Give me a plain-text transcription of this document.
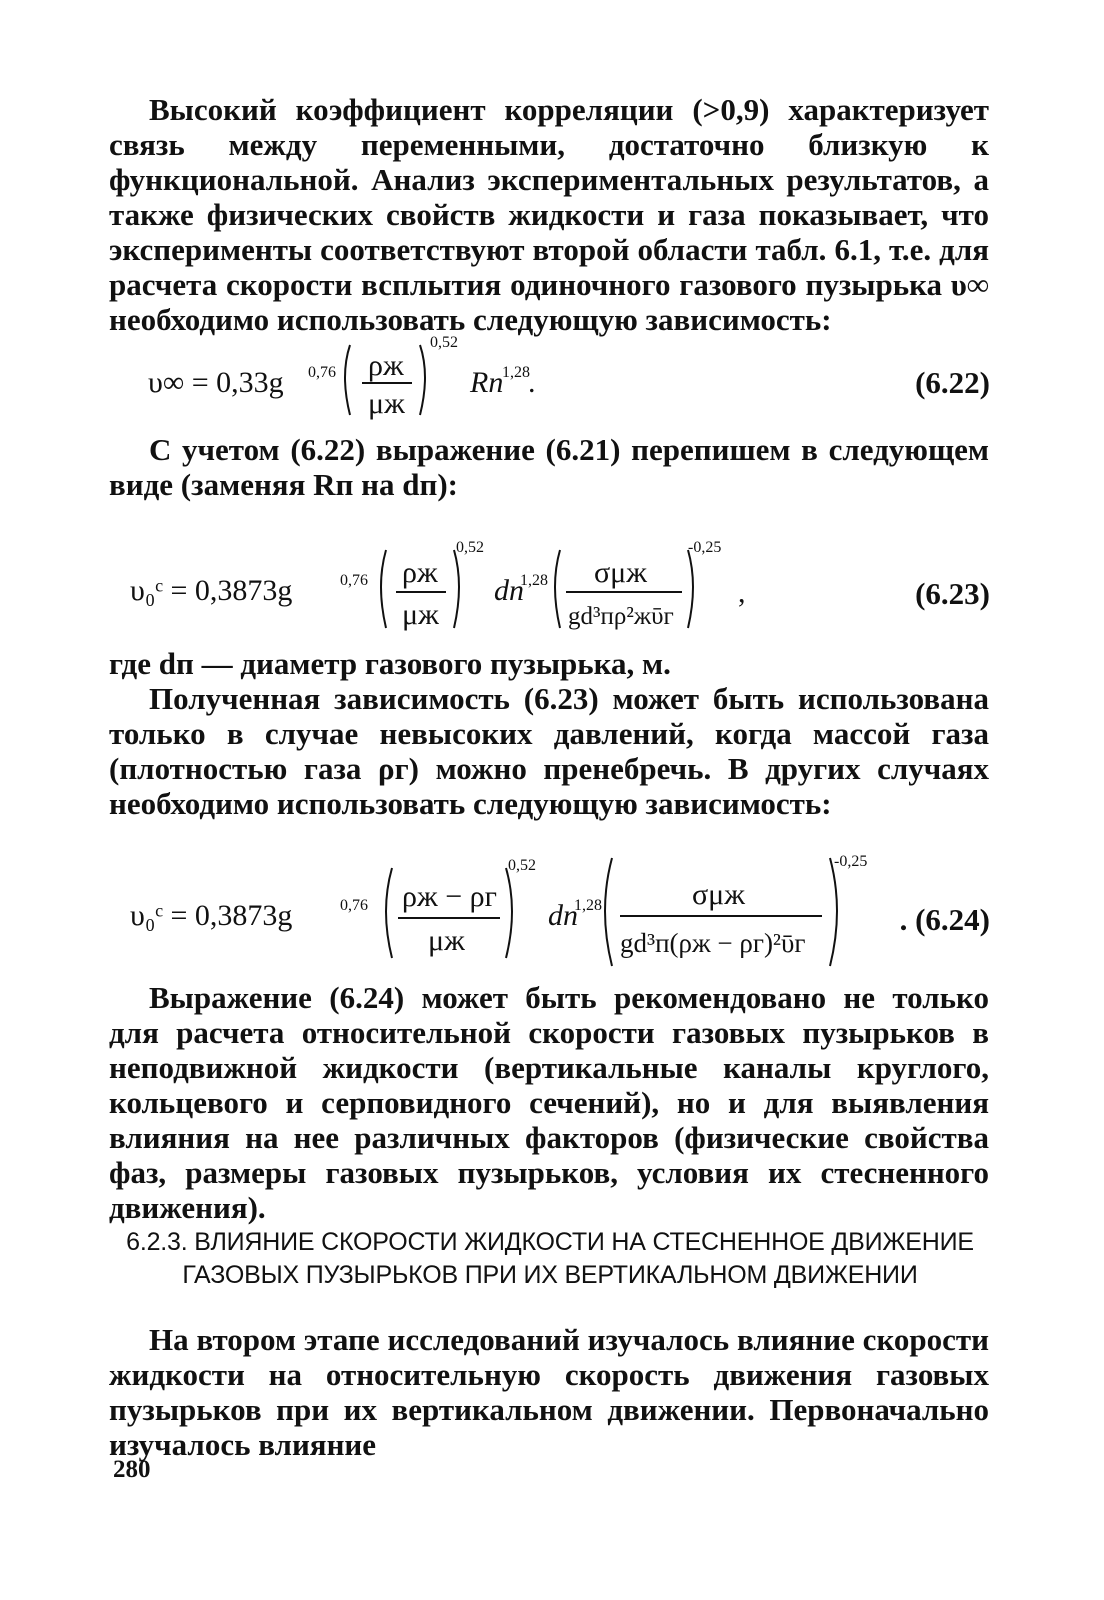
Высокий коэффициент корреляции (>0,9) характеризует связь между переменными, достаточно близкую к функциональной. Анализ экспериментальных результатов, а также физических свойств жидкости и газа показывает, что эксперименты соответствуют второй области табл. 6.1, т.е. для расчета скорости всплытия одиночного газового пузырька υ∞ необходимо использовать следующую зависимость:

υ∞ = 0,33g 0,76 ρж
μж
0,52
Rп
1,28
.	(6.22)

С учетом (6.22) выражение (6.21) перепишем в следующем виде (заменяя Rп на dп):

υ₀ᶜ = 0,3873g	0,76 ρж
μж
0,52
dп
1,28 σμж
gd³пρ²жῡг
-0,25
,	(6.23)

где dп — диаметр газового пузырька, м.

Полученная зависимость (6.23) может быть использована только в случае невысоких давлений, когда массой газа (плотностью газа ρг) можно пренебречь. В других случаях необходимо использовать следующую зависимость:

υ₀ᶜ = 0,3873g	0,76 ρж − ρг
μж
0,52
dп
1,28	σμж
gd³п(ρж − ρг)²ῡг
-0,25
. (6.24)

Выражение (6.24) может быть рекомендовано не только для расчета относительной скорости газовых пузырьков в неподвижной жидкости (вертикальные каналы круглого, кольцевого и серповидного сечений), но и для выявления влияния на нее различных факторов (физические свойства фаз, размеры газовых пузырьков, условия их стесненного движения).

6.2.3. ВЛИЯНИЕ СКОРОСТИ ЖИДКОСТИ НА СТЕСНЕННОЕ ДВИЖЕНИЕ
ГАЗОВЫХ ПУЗЫРЬКОВ ПРИ ИХ ВЕРТИКАЛЬНОМ ДВИЖЕНИИ

На втором этапе исследований изучалось влияние скорости жидкости на относительную скорость движения газовых пузырьков при их вертикальном движении. Первоначально изучалось влияние

280
